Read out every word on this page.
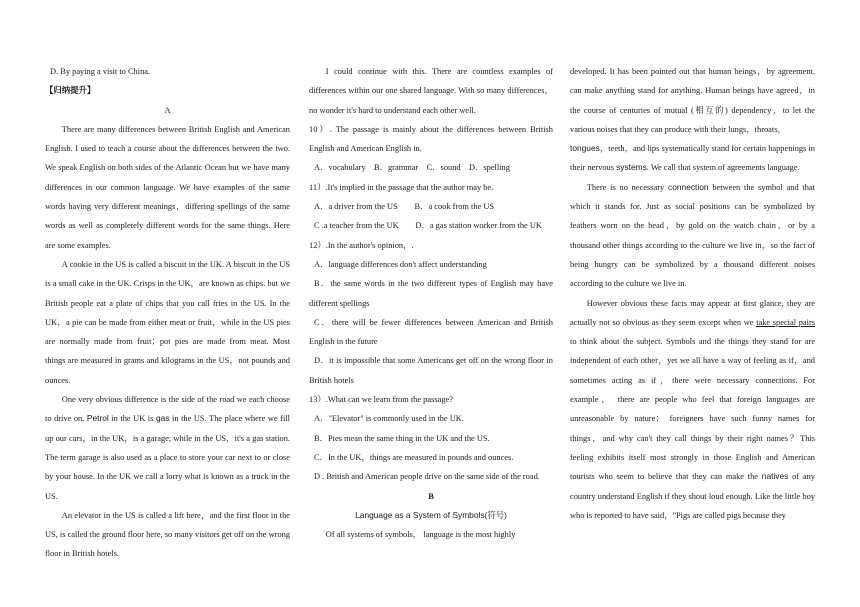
D. By paying a visit to China.

【归纳提升】

A

There are many differences between British English and American English. I used to teach a course about the differences between the two. We speak English on both sides of the Atlantic Ocean but we have many differences in our common language. We have examples of the same words having very different meanings，differing spellings of the same words as well as completely different words for the same things. Here are some examples.

A cookie in the US is called a biscuit in the UK. A biscuit in the US is a small cake in the UK. Crisps in the UK，are known as chips. but we British people eat a plate of chips that you call fries in the US. In the UK，a pie can be made from either meat or fruit，while in the US pies are normally made from fruit；pot pies are made from meat. Most things are measured in grams and kilograms in the US，not pounds and ounces.

One very obvious difference is the side of the road we each choose to drive on. Petrol in the UK is gas in the US. The place where we fill up our cars，in the UK，is a garage; while in the US，it's a gas station. The term garage is also used as a place to store your car next to or close by your house. In the UK we call a lorry what is known as a truck in the US.

An elevator in the US is called a lift here，and the first floor in the US, is called the ground floor here, so many visitors get off on the wrong floor in British hotels.

I could continue with this. There are countless examples of differences within our one shared language. With so many differences，no wonder it's hard to understand each other well.

10）. The passage is mainly about the differences between British English and American English in.

A．vocabulary　B．grammar　C．sound　D．spelling

11）.It's implied in the passage that the author may be.

A．a driver from the US　　B．a cook from the US

C .a teacher from the UK　　D．a gas station worker from the UK

12）.In the author's opinion，.

A．language differences don't affect understanding

B．the same words in the two different types of English may have different spellings

C．there will be fewer differences between American and British English in the future

D．it is impossible that some Americans get off on the wrong floor in British hotels

13）.What can we learn from the passage?

A．"Elevator" is commonly used in the UK.

B．Pies mean the same thing in the UK and the US.

C．In the UK，things are measured in pounds and ounces.

D . British and American people drive on the same side of the road.

B

Language as a System of Symbols(符号)

Of all systems of symbols， language is the most highly

developed. It has been pointed out that human beings，by agreement. can make anything stand for anything. Human beings have agreed，in the course of centuries of mutual (相互的) dependency，to let the various noises that they can produce with their lungs，throats，

tongues，teeth，and lips systematically stand for certain happenings in their nervous systems. We call that system of agreements language.

There is no necessary connection between the symbol and that which it stands for. Just as social positions can be symbolized by feathers worn on the head，by gold on the watch chain，or by a thousand other things according to the culture we live in，so the fact of being hungry can be symbolized by a thousand different noises according to the culture we live in.

However obvious these facts may appear at first glance, they are actually not so obvious as they seem except when we take special pairs to think about the subject. Symbols and the things they stand for are independent of each other，yet we all have a way of feeling as if，and sometimes acting as if，there were necessary connections. For example， there are people who feel that foreign languages are unreasonable by nature； foreigners have such funny names for things，and why can't they call things by their right names？This feeling exhibits itself most strongly in those English and American tourists who seem to believe that they can make the natives of any country understand English if they shout loud enough. Like the little boy who is reported to have said，"Pigs are called pigs because they
